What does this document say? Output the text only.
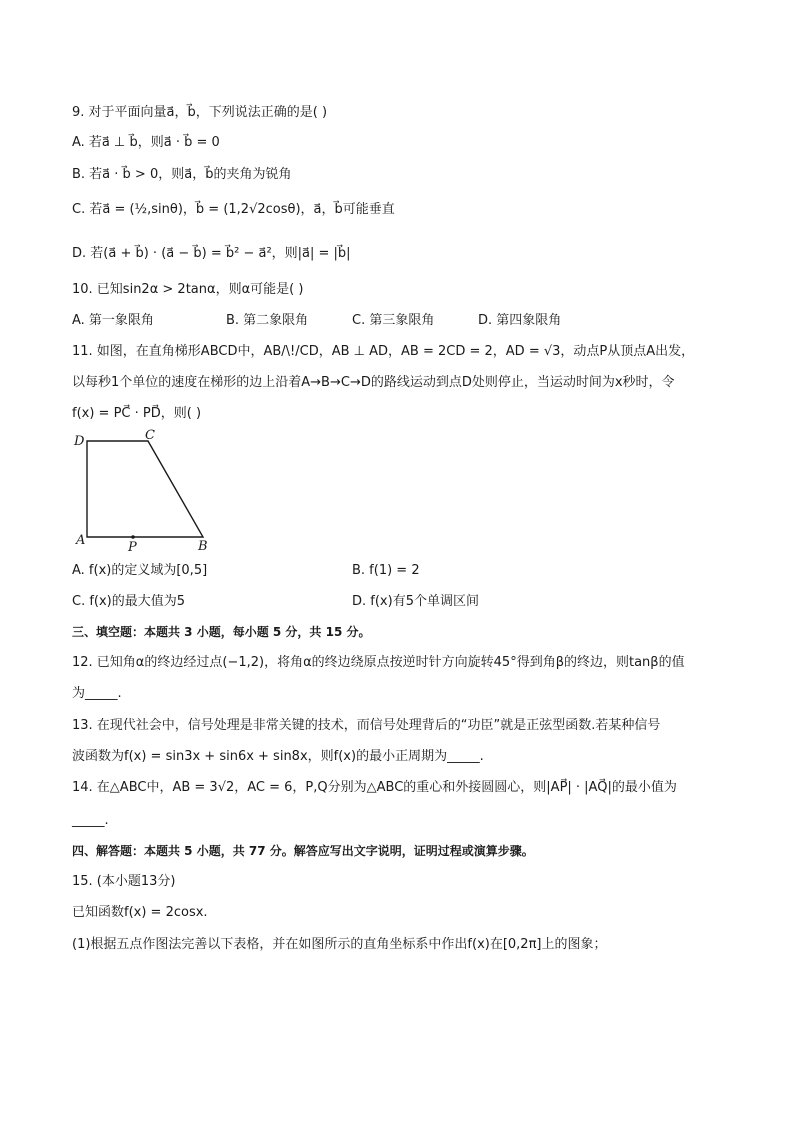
9. 对于平面向量a⃗，b⃗，下列说法正确的是( )
A. 若a⃗ ⊥ b⃗，则a⃗ · b⃗ = 0
B. 若a⃗ · b⃗ > 0，则a⃗，b⃗的夹角为锐角
C. 若a⃗ = (½,sinθ)，b⃗ = (1,2√2cosθ)，a⃗，b⃗可能垂直
D. 若(a⃗ + b⃗) · (a⃗ − b⃗) = b⃗² − a⃗²，则|a⃗| = |b⃗|
10. 已知sin2α > 2tanα，则α可能是( )
A. 第一象限角	B. 第二象限角	C. 第三象限角	D. 第四象限角
11. 如图，在直角梯形ABCD中，AB/\!/CD，AB ⊥ AD，AB = 2CD = 2，AD = √3，动点P从顶点A出发，
以每秒1个单位的速度在梯形的边上沿着A→B→C→D的路线运动到点D处则停止，当运动时间为x秒时，令
f(x) = PC⃗ · PD⃗，则( )
D	C
A	B
P
A. f(x)的定义域为[0,5]	B. f(1) = 2
C. f(x)的最大值为5	D. f(x)有5个单调区间
三、填空题：本题共 3 小题，每小题 5 分，共 15 分。
12. 已知角α的终边经过点(−1,2)，将角α的终边绕原点按逆时针方向旋转45°得到角β的终边，则tanβ的值
为_____.
13. 在现代社会中，信号处理是非常关键的技术，而信号处理背后的“功臣”就是正弦型函数.若某种信号
波函数为f(x) = sin3x + sin6x + sin8x，则f(x)的最小正周期为_____.
14. 在△ABC中，AB = 3√2，AC = 6，P,Q分别为△ABC的重心和外接圆圆心，则|AP⃗| · |AQ⃗|的最小值为
_____.
四、解答题：本题共 5 小题，共 77 分。解答应写出文字说明，证明过程或演算步骤。
15. (本小题13分)
已知函数f(x) = 2cosx.
(1)根据五点作图法完善以下表格，并在如图所示的直角坐标系中作出f(x)在[0,2π]上的图象；
